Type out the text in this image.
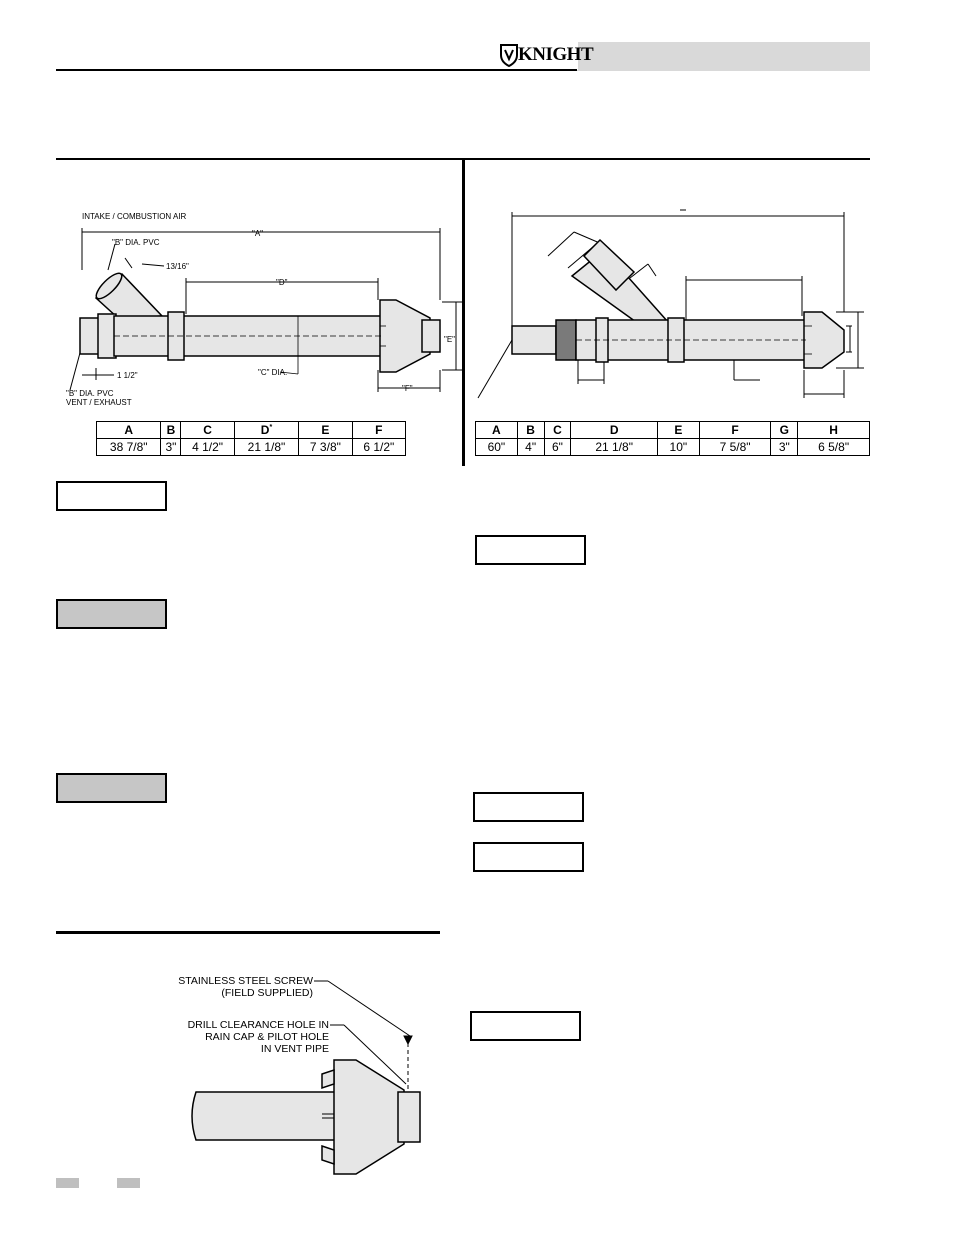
KNIGHT
INTAKE / COMBUSTION AIR
"A"
"B" DIA. PVC
13/16"
"D"
"E"
"C" DIA.
1 1/2"
"F"
"B" DIA. PVC
VENT / EXHAUST
A	B	C	D*	E	F
38 7/8"	3"	4 1/2"	21 1/8"	7 3/8"	6 1/2"
A	B	C	D	E	F	G	H
60"	4"	6"	21 1/8"	10"	7 5/8"	3"	6 5/8"
STAINLESS STEEL SCREW
(FIELD SUPPLIED)
DRILL CLEARANCE HOLE IN
RAIN CAP & PILOT HOLE
IN VENT PIPE
